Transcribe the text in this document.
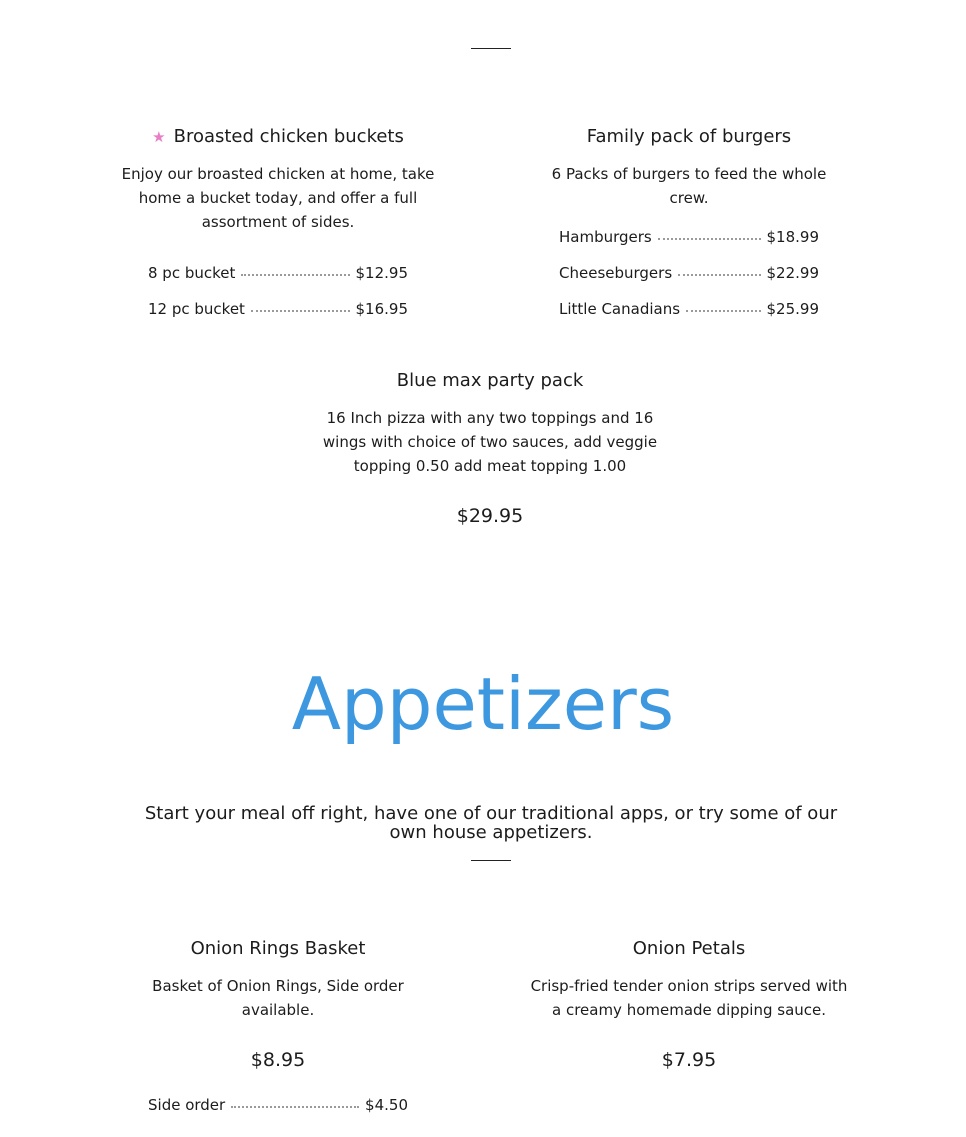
★ Broasted chicken buckets
Enjoy our broasted chicken at home, take home a bucket today, and offer a full assortment of sides.
8 pc bucket	$12.95
12 pc bucket	$16.95
Family pack of burgers
6 Packs of burgers to feed the whole crew.
Hamburgers	$18.99
Cheeseburgers	$22.99
Little Canadians	$25.99
Blue max party pack
16 Inch pizza with any two toppings and 16 wings with choice of two sauces, add veggie topping 0.50 add meat topping 1.00
$29.95
Appetizers

Start your meal off right, have one of our traditional apps, or try some of our own house appetizers.

Onion Rings Basket
Basket of Onion Rings, Side order available.
$8.95
Side order	$4.50
Onion Petals
Crisp-fried tender onion strips served with a creamy homemade dipping sauce.
$7.95
